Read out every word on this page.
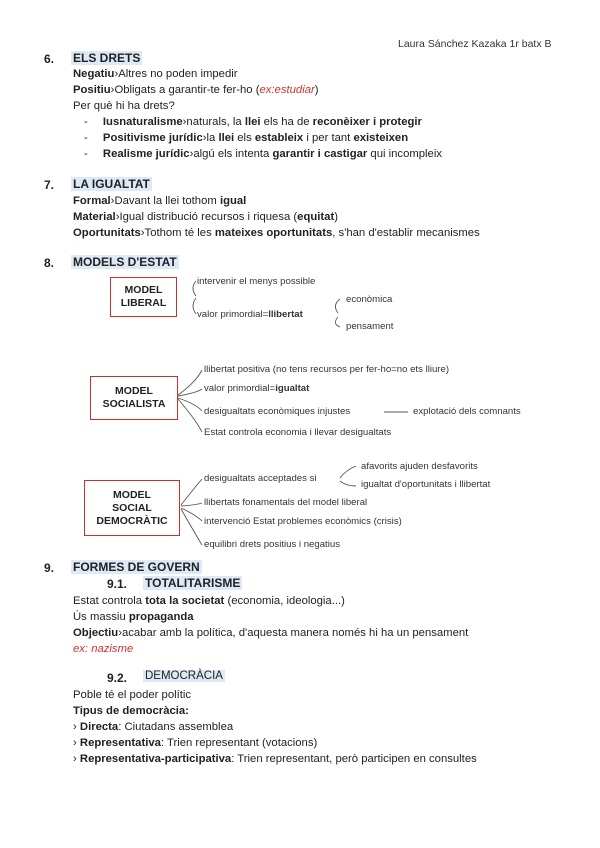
Laura Sánchez Kazaka 1r batx B
6. ELS DRETS
Negatiu›Altres no poden impedir
Positiu›Obligats a garantir-te fer-ho (ex:estudiar)
Per què hi ha drets?
- Iusnaturalisme›naturals, la llei els ha de reconèixer i protegir
- Positivisme jurídic›la llei els estableix i per tant existeixen
- Realisme jurídic›algú els intenta garantir i castigar qui incompleix
7. LA IGUALTAT
Formal›Davant la llei tothom igual
Material›Igual distribució recursos i riquesa (equitat)
Oportunitats›Tothom té les mateixes oportunitats, s'han d'establir mecanismes
8. MODELS D'ESTAT
MODEL
LIBERAL
intervenir el menys possible
valor primordial=llibertat
econòmica
pensament
MODEL
SOCIALISTA
llibertat positiva (no tens recursos per fer-ho=no ets lliure)
valor primordial=igualtat
desigualtats econòmiques injustes	explotació dels comnants
Estat controla economia i llevar desigualtats
MODEL
SOCIAL
DEMOCRÀTIC
desigualtats acceptades si
afavorits ajuden desfavorits
igualtat d'oportunitats i llibertat
llibertats fonamentals del model liberal
intervenció Estat problemes econòmics (crisis)
equilibri drets positius i negatius
9. FORMES DE GOVERN
9.1. TOTALITARISME
Estat controla tota la societat (economia, ideologia...)
Ús massiu propaganda
Objectiu›acabar amb la política, d'aquesta manera només hi ha un pensament
ex: nazisme
9.2. DEMOCRÀCIA
Poble té el poder polític
Tipus de democràcia:
› Directa: Ciutadans assemblea
› Representativa: Trien representant (votacions)
› Representativa-participativa: Trien representant, però participen en consultes
